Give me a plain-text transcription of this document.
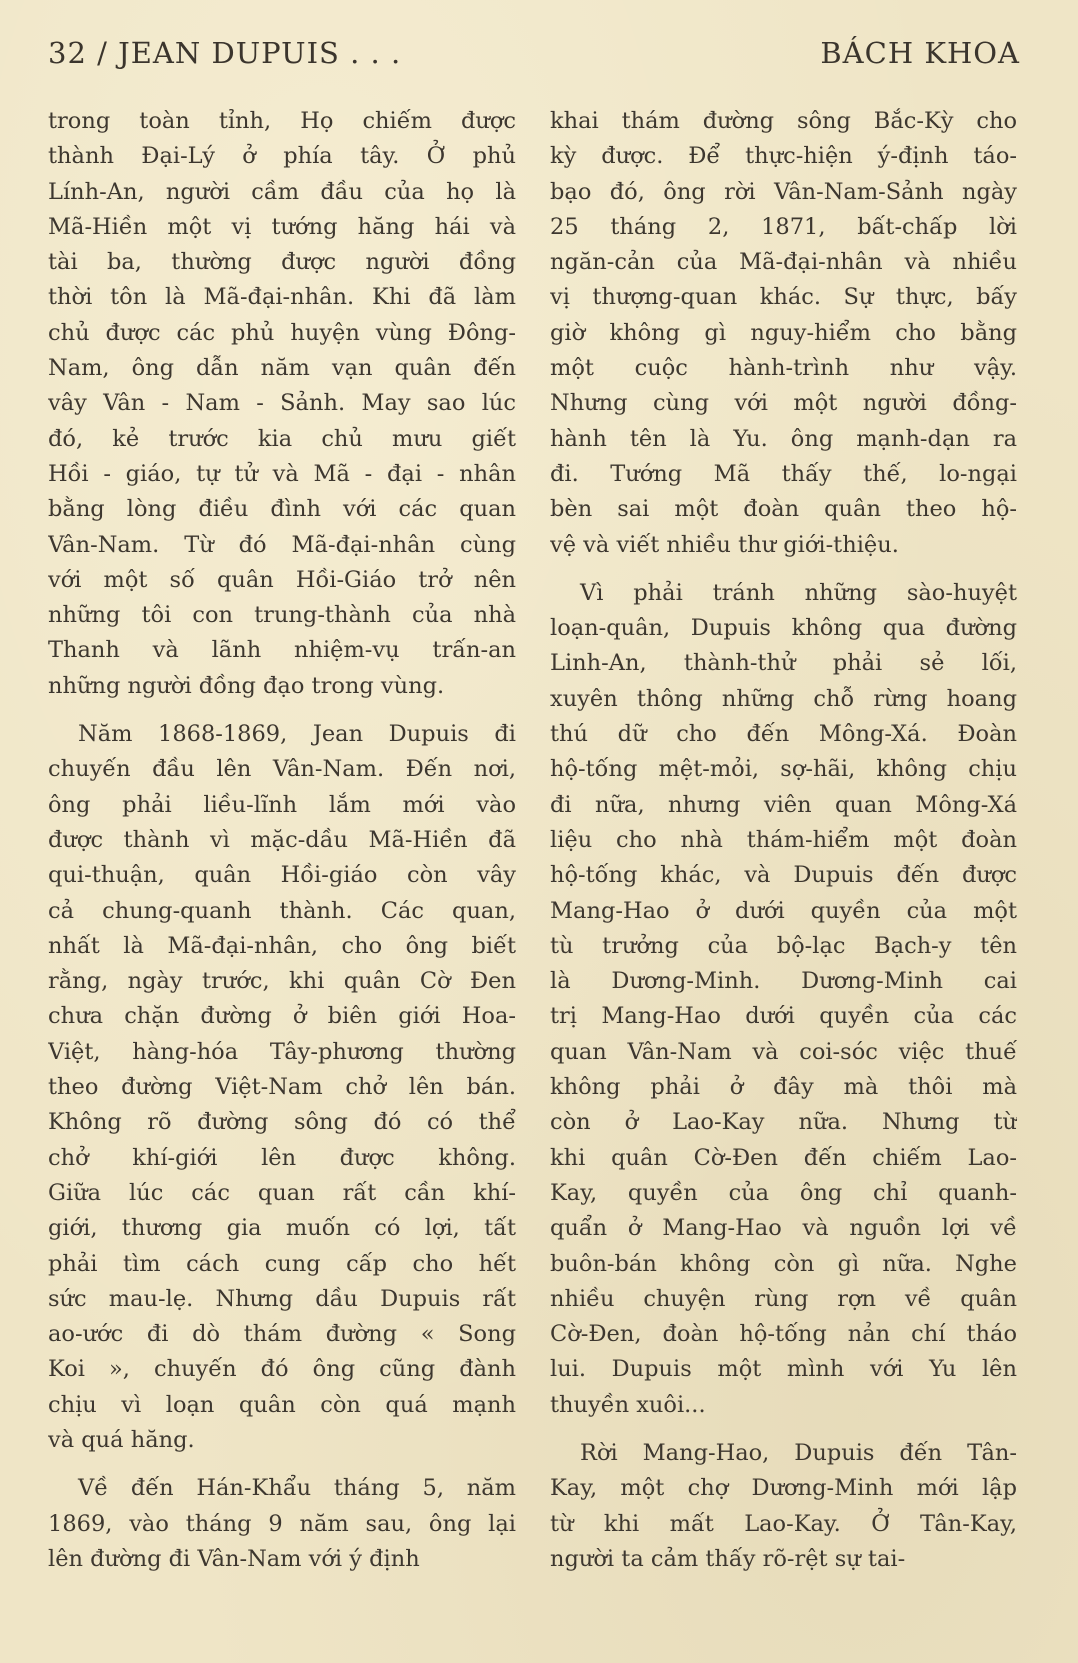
32 / JEAN DUPUIS . . .	BÁCH KHOA
trong toàn tỉnh, Họ chiếm được
thành Đại-Lý ở phía tây. Ở phủ
Lính-An, người cầm đầu của họ là
Mã-Hiền một vị tướng hăng hái và
tài ba, thường được người đồng
thời tôn là Mã-đại-nhân. Khi đã làm
chủ được các phủ huyện vùng Đông-
Nam, ông dẫn năm vạn quân đến
vây Vân - Nam - Sảnh. May sao lúc
đó, kẻ trước kia chủ mưu giết
Hồi - giáo, tự tử và Mã - đại - nhân
bằng lòng điều đình với các quan
Vân-Nam. Từ đó Mã-đại-nhân cùng
với một số quân Hồi-Giáo trở nên
những tôi con trung-thành của nhà
Thanh và lãnh nhiệm-vụ trấn-an
những người đồng đạo trong vùng.
Năm 1868-1869, Jean Dupuis đi
chuyến đầu lên Vân-Nam. Đến nơi,
ông phải liều-lĩnh lắm mới vào
được thành vì mặc-dầu Mã-Hiền đã
qui-thuận, quân Hồi-giáo còn vây
cả chung-quanh thành. Các quan,
nhất là Mã-đại-nhân, cho ông biết
rằng, ngày trước, khi quân Cờ Đen
chưa chặn đường ở biên giới Hoa-
Việt, hàng-hóa Tây-phương thường
theo đường Việt-Nam chở lên bán.
Không rõ đường sông đó có thể
chở khí-giới lên được không.
Giữa lúc các quan rất cần khí-
giới, thương gia muốn có lợi, tất
phải tìm cách cung cấp cho hết
sức mau-lẹ. Nhưng dầu Dupuis rất
ao-ước đi dò thám đường « Song
Koi », chuyến đó ông cũng đành
chịu vì loạn quân còn quá mạnh
và quá hăng.
Về đến Hán-Khẩu tháng 5, năm
1869, vào tháng 9 năm sau, ông lại
lên đường đi Vân-Nam với ý định
khai thám đường sông Bắc-Kỳ cho
kỳ được. Để thực-hiện ý-định táo-
bạo đó, ông rời Vân-Nam-Sảnh ngày
25 tháng 2, 1871, bất-chấp lời
ngăn-cản của Mã-đại-nhân và nhiều
vị thượng-quan khác. Sự thực, bấy
giờ không gì nguy-hiểm cho bằng
một cuộc hành-trình như vậy.
Nhưng cùng với một người đồng-
hành tên là Yu. ông mạnh-dạn ra
đi. Tướng Mã thấy thế, lo-ngại
bèn sai một đoàn quân theo hộ-
vệ và viết nhiều thư giới-thiệu.
Vì phải tránh những sào-huyệt
loạn-quân, Dupuis không qua đường
Linh-An, thành-thử phải sẻ lối,
xuyên thông những chỗ rừng hoang
thú dữ cho đến Mông-Xá. Đoàn
hộ-tống mệt-mỏi, sợ-hãi, không chịu
đi nữa, nhưng viên quan Mông-Xá
liệu cho nhà thám-hiểm một đoàn
hộ-tống khác, và Dupuis đến được
Mang-Hao ở dưới quyền của một
tù trưởng của bộ-lạc Bạch-y tên
là Dương-Minh. Dương-Minh cai
trị Mang-Hao dưới quyền của các
quan Vân-Nam và coi-sóc việc thuế
không phải ở đây mà thôi mà
còn ở Lao-Kay nữa. Nhưng từ
khi quân Cờ-Đen đến chiếm Lao-
Kay, quyền của ông chỉ quanh-
quẩn ở Mang-Hao và nguồn lợi về
buôn-bán không còn gì nữa. Nghe
nhiều chuyện rùng rợn về quân
Cờ-Đen, đoàn hộ-tống nản chí tháo
lui. Dupuis một mình với Yu lên
thuyền xuôi...
Rời Mang-Hao, Dupuis đến Tân-
Kay, một chợ Dương-Minh mới lập
từ khi mất Lao-Kay. Ở Tân-Kay,
người ta cảm thấy rõ-rệt sự tai-
